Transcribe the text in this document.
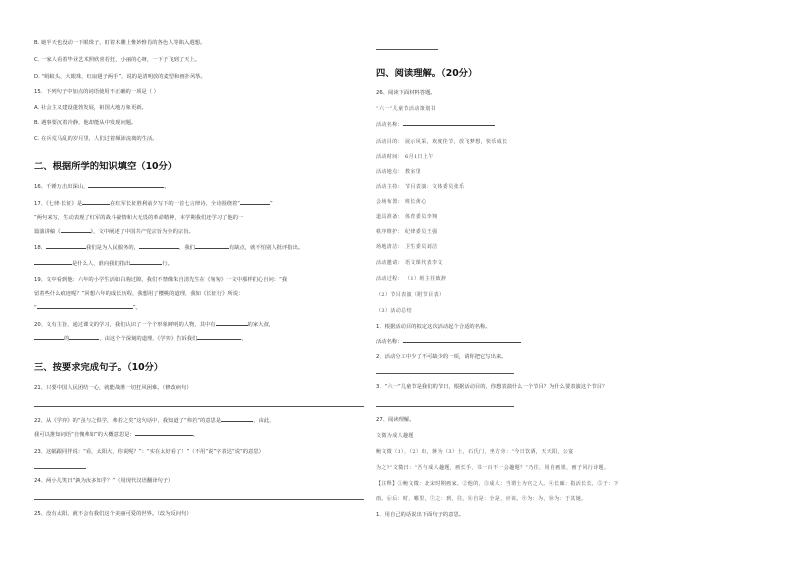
B. 她半天也没动一下眼珠子，盯着木雕上惟妙惟肖的各色人等陷入遐想。
C. 一家人看着毕业艺术照欣喜若狂，小丽的心呀，一下子飞到了天上。
D. “蚂蚁头，大眼珠，红扇翅子两手”，说的是清明放的麦型和画扑风筝。
15．下列句子中加点的词语使用不正确的一项是（ ）
A. 社会主义建设蓬勃发展，祖国大地万象更新。
B. 遇事要沉着冷静，他却能从中发现问题。
C. 在兵荒马乱的岁月里，人们过着颠沛流离的生活。
二、根据所学的知识填空（10分）
16、千锤万击出深山，	。
17、《七律·长征》是	在红军长征胜利前夕写下的一首七言律诗，全诗围绕着“	”
”两句来写，生动表现了红军的战斗豪情和大无畏的革命精神，本学期我们还学习了他的一
篇演讲稿《	》，文中阐述了中国共产党宗旨为全的宗旨。
18、	我们是为人民服务的，	，我们	有缺点，就不怕别人批评指出。
是什么人，谁向我们指出	行。
19、文中看到他：六年的小学生活如白驹过隙，我们不禁像朱自清先生在《匆匆》一文中那样扪心自问：“我
留着些什么痕迹呢？”回想六年的成长历程，我想用了樱桃的道理，我如《长征行》所说：
“	”。
20、文有主旨，通过课文的学习，我们认识了一个个形象鲜明的人物，其中有	的家大叔，
的	，由这个个深刻的道理，《学弈》告诉我们	。
三、按要求完成句子。（10分）
21、只要中国人民团结一心，就能战胜一切狂风困难。（修改病句）
22、从《学弈》的“虽与之俱学，弗若之矣”这句话中，我知道了“弗若”的意思是	，由此，
我可以推知词语“自愧弗如”的大概意思是：	。
23、这幅跟同伴说：“看，太阳大，你说呢？”：“实在太好看了！”（不用“说”字表达“说”的意思）
24、两小儿笑曰“孰为汝多知乎？”（用现代汉语翻译句子）
25、没有太阳，就不会有我们这个美丽可爱的世界。（改为反问句）
四、阅读理解。（20分）
26、阅读下面材料答题。
“六一”儿童节活动策划书
活动名称：
活动目的： 展示风采，欢度佳节，放飞梦想，快乐成长
活动时间： 6月1日上午
活动地点： 教室里
活动主持： 节目表演：文体委员张乐
会场布置： 班长黄心
道具准备： 体育委员李翔
秩序维护： 纪律委员王强
场地清洁： 卫生委员刘洁
活动邀请： 语文课代表李文
活动过程： （1）班主任致辞
（2）节目表演（附节目表）
（3）活动总结
1．根据活动目的拟定这次活动起个合适的名称。
活动名称：
2．活动分工中少了不可缺少的一项，请你把它写出来。
3．“六一”儿童节是我们的节日，根据活动目的，你想表演什么一个节目？为什么要表演这个节目？
27、阅读理解。
文徵为成人趣题
鲍文徵（1），（2）出，蒋为（3）士，石氏门，坐方旁：“今日饮酒，天天阳，公宴
为之?”文徵曰：“吾与成人趣题，画长手，书一百不一会趣题？”乃往，用自画墨，画子风行诗题。
【注释】①鲍文徵：北宋时期画家。②他的，③成人：当谓士为官之人。④长廊：指活长长，⑤于：下
雨。⑥后：时，哪里。⑦之：到，往。⑧自是：全是，应该。⑨为：为，⑩为：于其她。
1．用自己的话说出下面句子的意思。
